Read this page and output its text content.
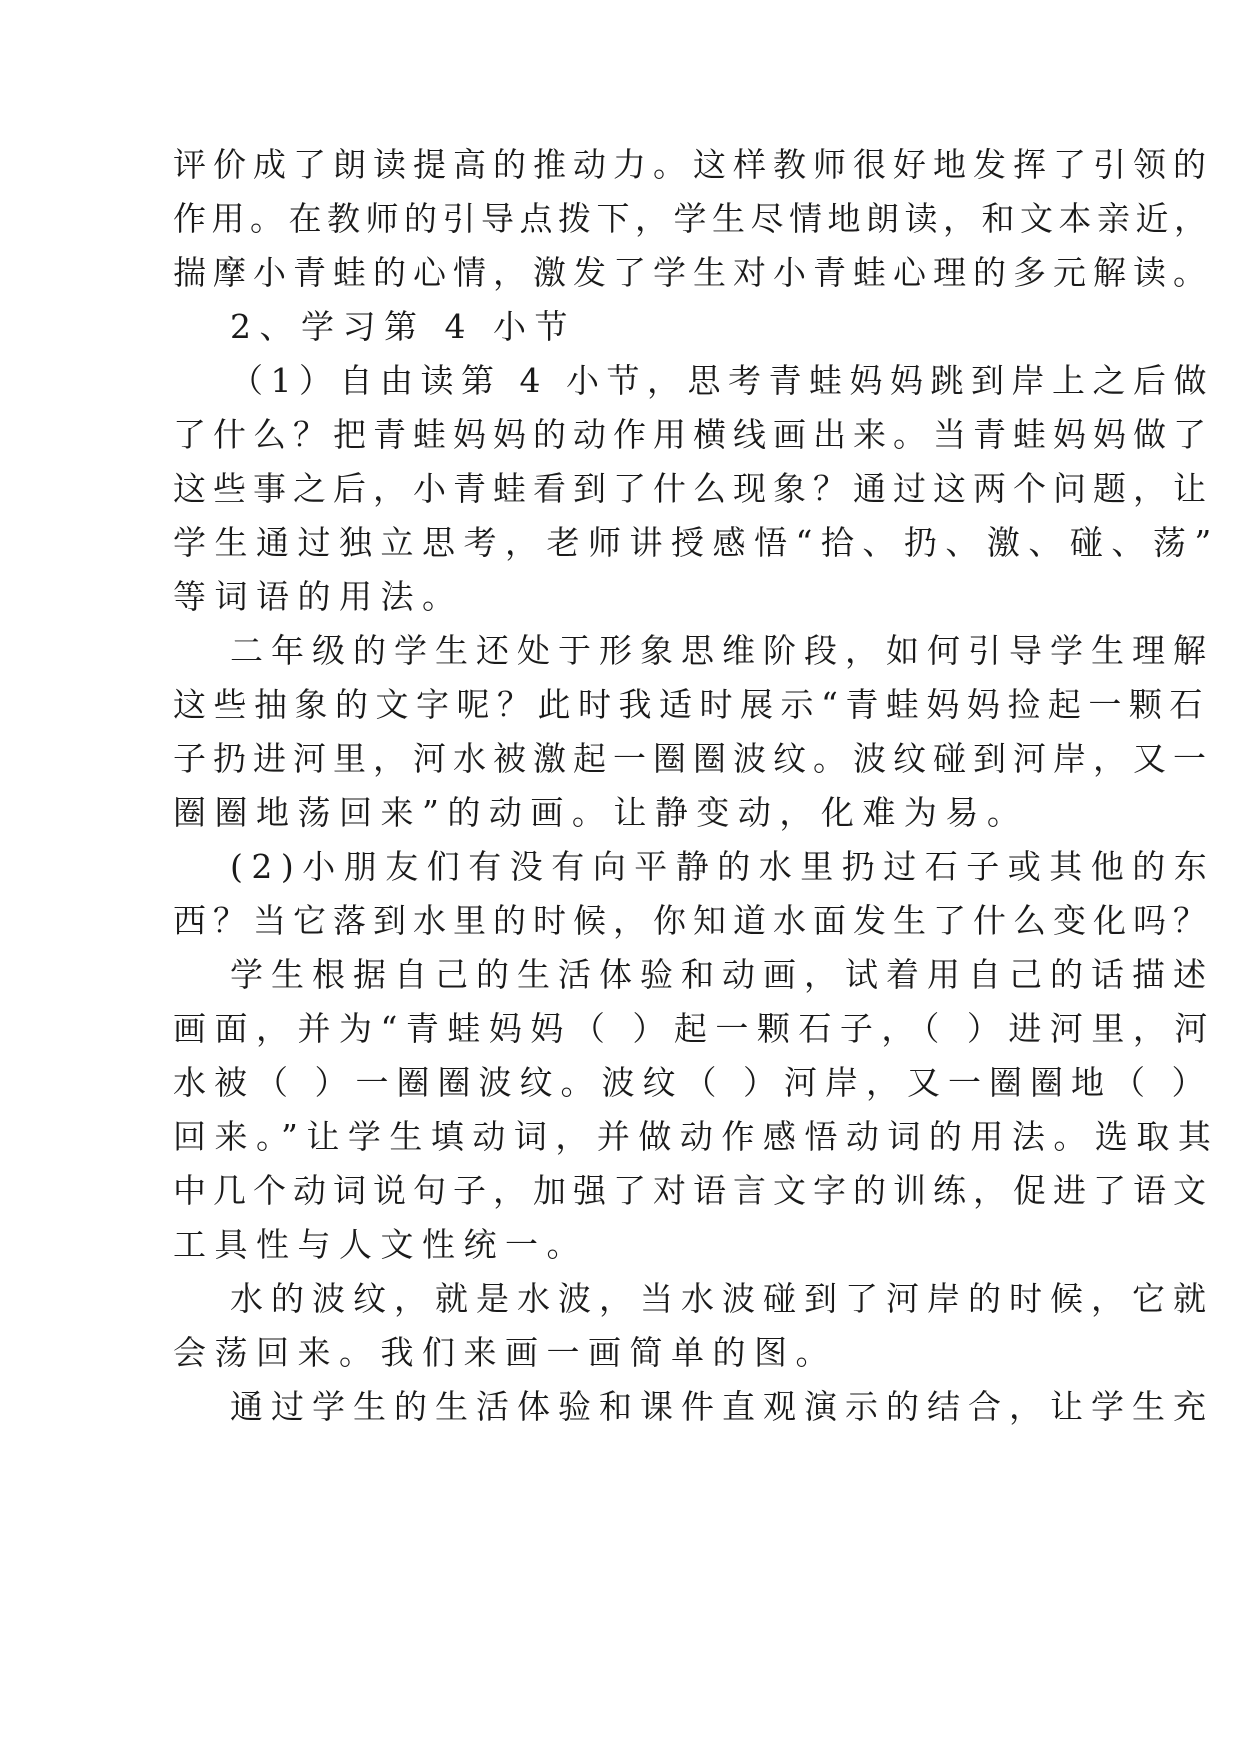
评价成了朗读提高的推动力。这样教师很好地发挥了引领的
作用。在教师的引导点拨下，学生尽情地朗读，和文本亲近，
揣摩小青蛙的心情，激发了学生对小青蛙心理的多元解读。
2、学习第 4 小节
（1）自由读第 4 小节，思考青蛙妈妈跳到岸上之后做
了什么？把青蛙妈妈的动作用横线画出来。当青蛙妈妈做了
这些事之后，小青蛙看到了什么现象？通过这两个问题，让
学生通过独立思考，老师讲授感悟“拾、扔、激、碰、荡”
等词语的用法。
二年级的学生还处于形象思维阶段，如何引导学生理解
这些抽象的文字呢？此时我适时展示“青蛙妈妈捡起一颗石
子扔进河里，河水被激起一圈圈波纹。波纹碰到河岸，又一
圈圈地荡回来”的动画。让静变动，化难为易。
(2)小朋友们有没有向平静的水里扔过石子或其他的东
西？当它落到水里的时候，你知道水面发生了什么变化吗？
学生根据自己的生活体验和动画，试着用自己的话描述
画面，并为“青蛙妈妈（ ）起一颗石子，（ ）进河里，河
水被（ ）一圈圈波纹。波纹（ ）河岸，又一圈圈地（ ）
回来。”让学生填动词，并做动作感悟动词的用法。选取其
中几个动词说句子，加强了对语言文字的训练，促进了语文
工具性与人文性统一。
水的波纹，就是水波，当水波碰到了河岸的时候，它就
会荡回来。我们来画一画简单的图。
通过学生的生活体验和课件直观演示的结合，让学生充
